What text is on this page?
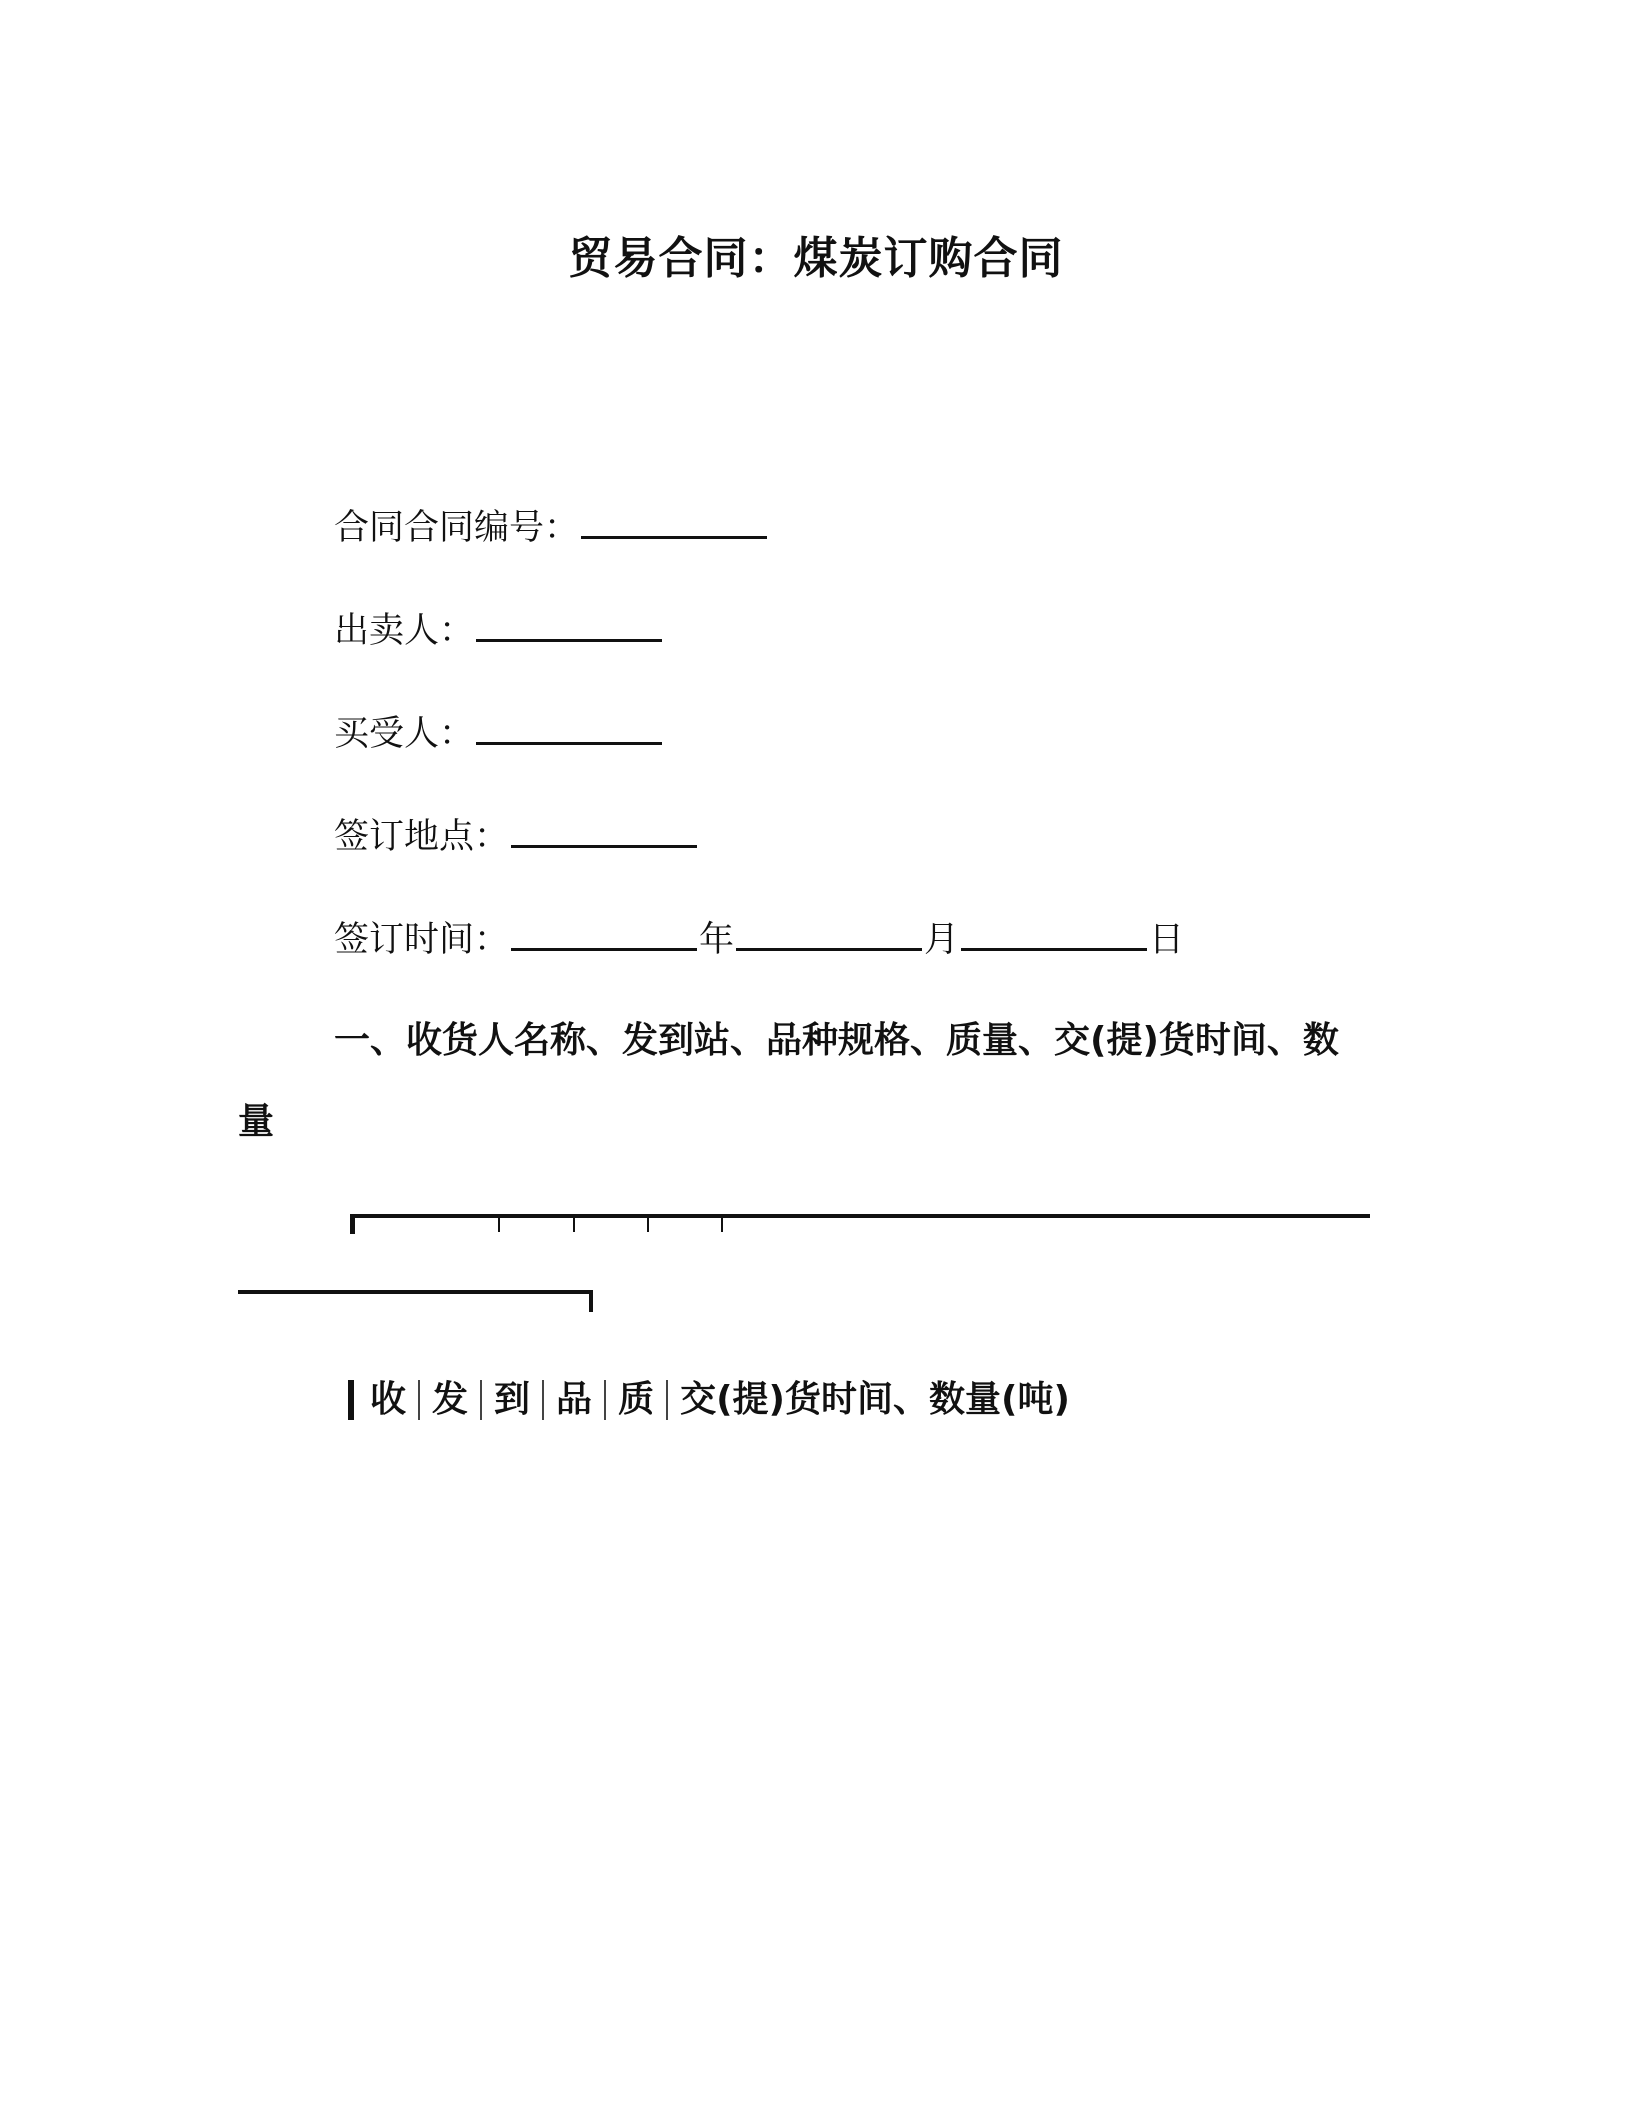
贸易合同：煤炭订购合同
合同合同编号：
出卖人：
买受人：
签订地点：
签订时间：	年	月	日
一、收货人名称、发到站、品种规格、质量、交(提)货时间、数
量
收 发 到 品 质 交(提)货时间、数量(吨)
